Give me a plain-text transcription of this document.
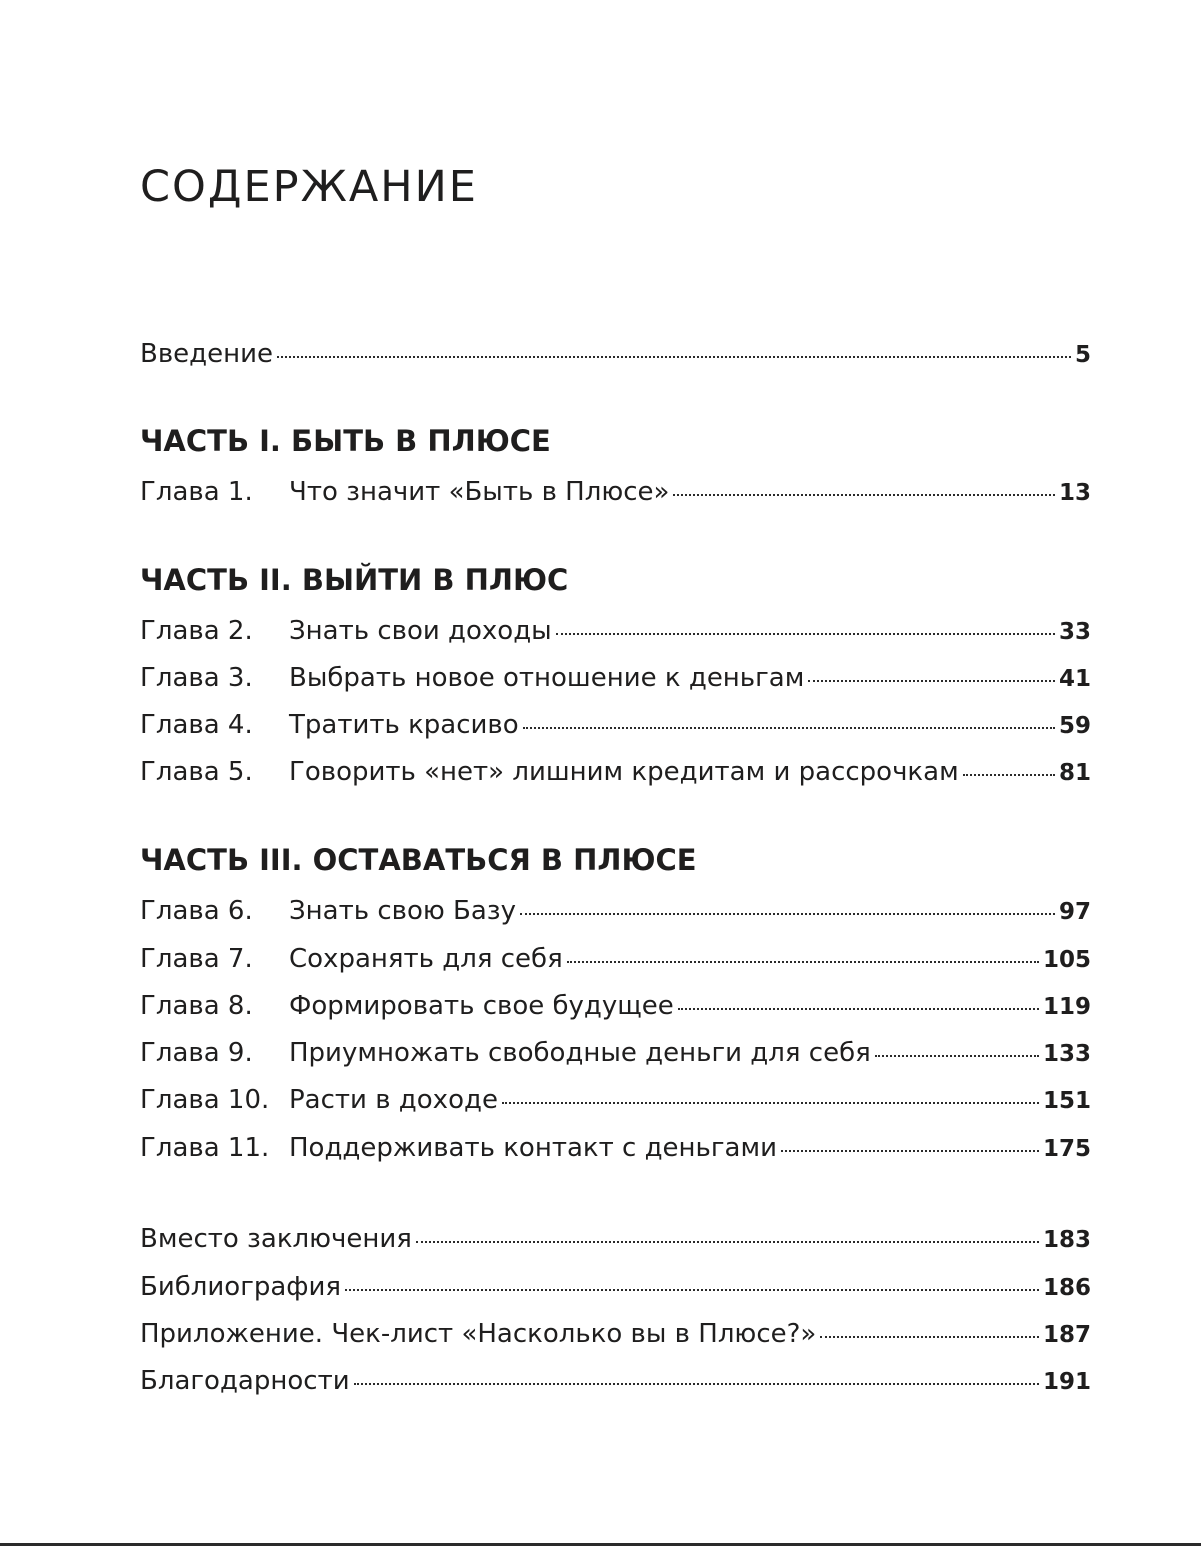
СОДЕРЖАНИЕ
Введение	5
ЧАСТЬ I. БЫТЬ В ПЛЮСЕ
Глава 1.	Что значит «Быть в Плюсе»	13
ЧАСТЬ II. ВЫЙТИ В ПЛЮС
Глава 2.	Знать свои доходы	33
Глава 3.	Выбрать новое отношение к деньгам	41
Глава 4.	Тратить красиво	59
Глава 5.	Говорить «нет» лишним кредитам и рассрочкам	81
ЧАСТЬ III. ОСТАВАТЬСЯ В ПЛЮСЕ
Глава 6.	Знать свою Базу	97
Глава 7.	Сохранять для себя	105
Глава 8.	Формировать свое будущее	119
Глава 9.	Приумножать свободные деньги для себя	133
Глава 10. Расти в доходе	151
Глава 11. Поддерживать контакт с деньгами	175
Вместо заключения	183
Библиография	186
Приложение. Чек-лист «Насколько вы в Плюсе?»	187
Благодарности	191
